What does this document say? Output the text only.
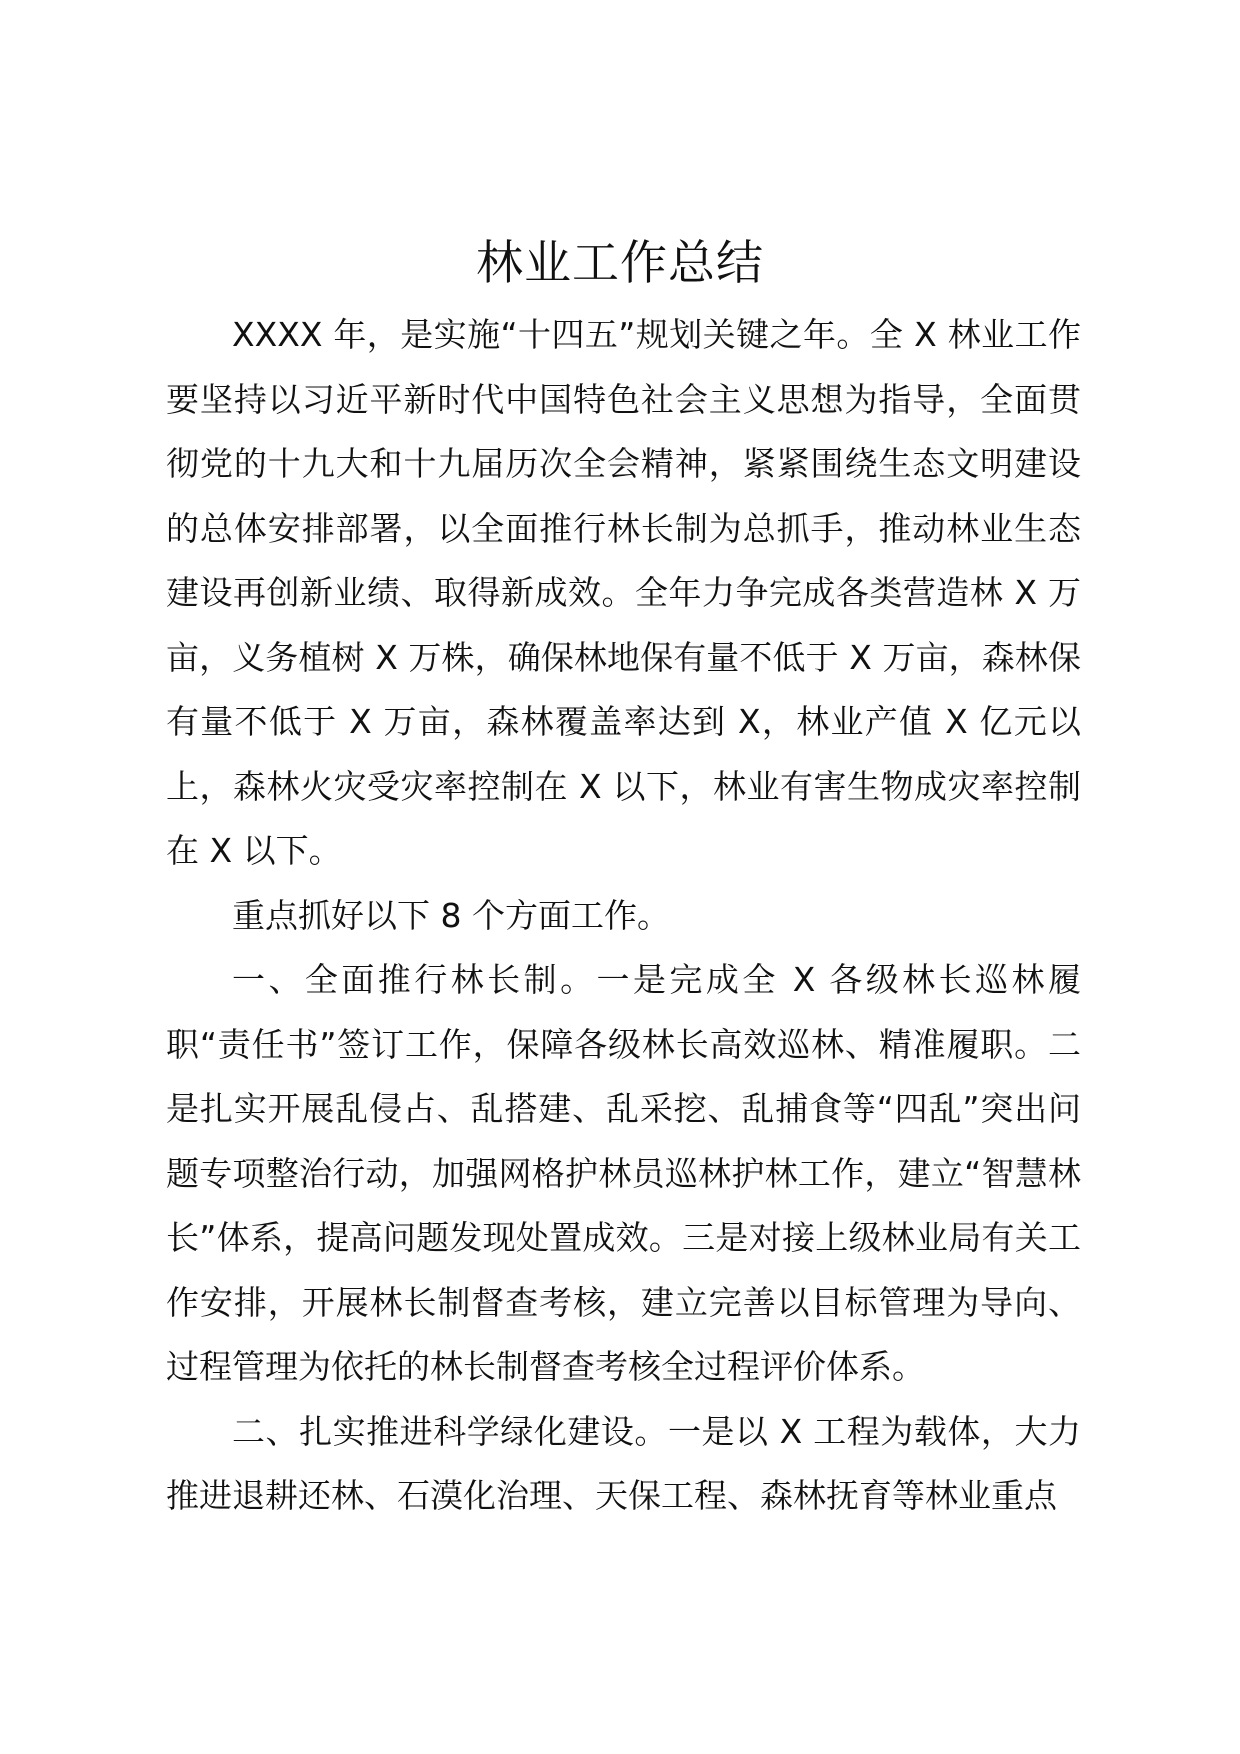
林业工作总结

XXXX 年，是实施“十四五”规划关键之年。全 X 林业工作要坚持以习近平新时代中国特色社会主义思想为指导，全面贯彻党的十九大和十九届历次全会精神，紧紧围绕生态文明建设的总体安排部署，以全面推行林长制为总抓手，推动林业生态建设再创新业绩、取得新成效。全年力争完成各类营造林 X 万亩，义务植树 X 万株，确保林地保有量不低于 X 万亩，森林保有量不低于 X 万亩，森林覆盖率达到 X，林业产值 X 亿元以上，森林火灾受灾率控制在 X 以下，林业有害生物成灾率控制在 X 以下。

重点抓好以下 8 个方面工作。

一、全面推行林长制。一是完成全 X 各级林长巡林履职“责任书”签订工作，保障各级林长高效巡林、精准履职。二是扎实开展乱侵占、乱搭建、乱采挖、乱捕食等“四乱”突出问题专项整治行动，加强网格护林员巡林护林工作，建立“智慧林长”体系，提高问题发现处置成效。三是对接上级林业局有关工作安排，开展林长制督查考核，建立完善以目标管理为导向、过程管理为依托的林长制督查考核全过程评价体系。

二、扎实推进科学绿化建设。一是以 X 工程为载体，大力推进退耕还林、石漠化治理、天保工程、森林抚育等林业重点
